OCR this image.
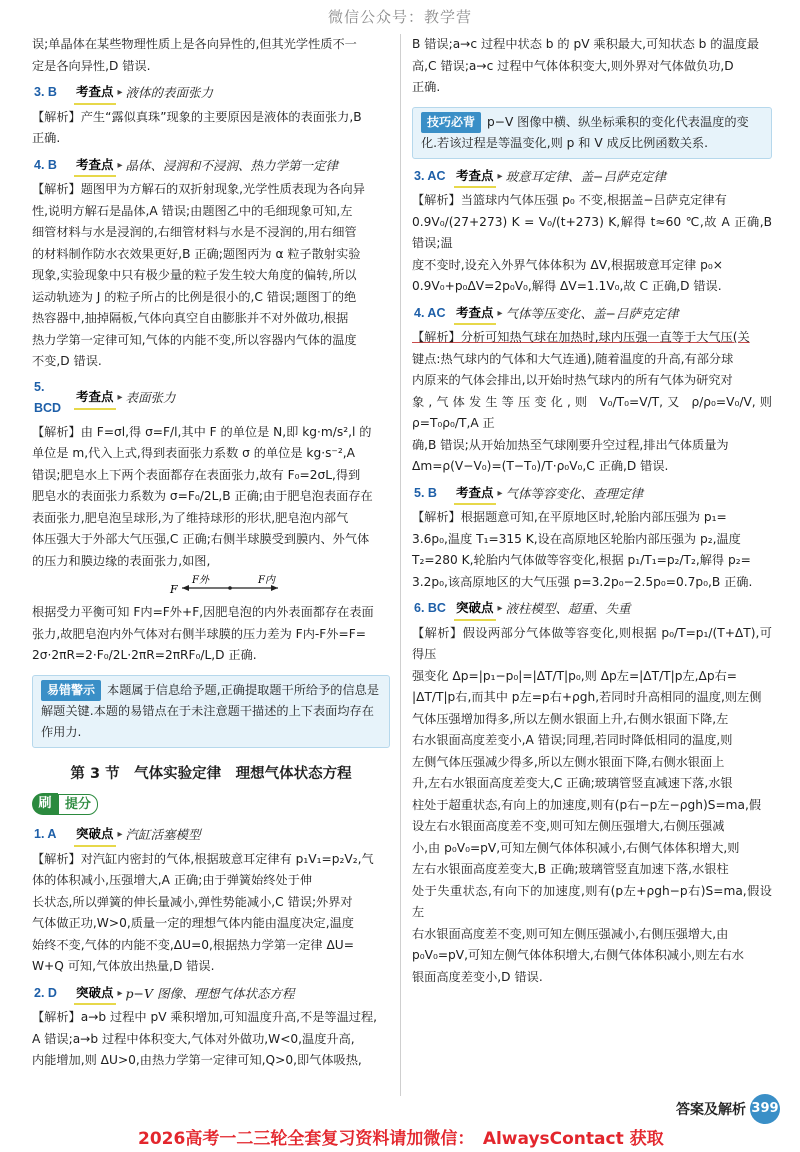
微信公众号：教学营

误;单晶体在某些物理性质上是各向异性的,但其光学性质不一

定是各向异性,D 错误.

3. B	考查点 ▸ 液体的表面张力

【解析】产生“露似真珠”现象的主要原因是液体的表面张力,B

正确.

4. B	考查点 ▸ 晶体、浸润和不浸润、热力学第一定律

【解析】题图甲为方解石的双折射现象,光学性质表现为各向异

性,说明方解石是晶体,A 错误;由题图乙中的毛细现象可知,左

细管材料与水是浸润的,右细管材料与水是不浸润的,用右细管

的材料制作防水衣效果更好,B 正确;题图丙为 α 粒子散射实验

现象,实验现象中只有极少量的粒子发生较大角度的偏转,所以

运动轨迹为 J 的粒子所占的比例是很小的,C 错误;题图丁的绝

热容器中,抽掉隔板,气体向真空自由膨胀并不对外做功,根据

热力学第一定律可知,气体的内能不变,所以容器内气体的温度

不变,D 错误.

5. BCD
考查点 ▸ 表面张力

【解析】由 F=σl,得 σ=F/l,其中 F 的单位是 N,即 kg·m/s²,l 的

单位是 m,代入上式,得到表面张力系数 σ 的单位是 kg·s⁻²,A

错误;肥皂水上下两个表面都存在表面张力,故有 F₀=2σL,得到

肥皂水的表面张力系数为 σ=F₀/2L,B 正确;由于肥皂泡表面存在

表面张力,肥皂泡呈球形,为了维持球形的形状,肥皂泡内部气

体压强大于外部大气压强,C 正确;右侧半球膜受到膜内、外气体

的压力和膜边缘的表面张力,如图,

F
F外	F内

根据受力平衡可知 F内=F外+F,因肥皂泡的内外表面都存在表面

张力,故肥皂泡内外气体对右侧半球膜的压力差为 F内-F外=F=

2σ·2πR=2·F₀/2L·2πR=2πRF₀/L,D 正确.

易错警示 本题属于信息给予题,正确提取题干所给予的信息是解题关键.本题的易错点在于未注意题干描述的上下表面均存在作用力.
第 3 节　气体实验定律　理想气体状态方程
刷	提分
1. A	突破点 ▸ 汽缸活塞模型

【解析】对汽缸内密封的气体,根据玻意耳定律有 p₁V₁=p₂V₂,气

体的体积减小,压强增大,A 正确;由于弹簧始终处于伸

长状态,所以弹簧的伸长量减小,弹性势能减小,C 错误;外界对

气体做正功,W>0,质量一定的理想气体内能由温度决定,温度

始终不变,气体的内能不变,ΔU=0,根据热力学第一定律 ΔU=

W+Q 可知,气体放出热量,D 错误.

2. D	突破点 ▸ p−V 图像、理想气体状态方程

【解析】a→b 过程中 pV 乘积增加,可知温度升高,不是等温过程,

A 错误;a→b 过程中体积变大,气体对外做功,W<0,温度升高,

内能增加,则 ΔU>0,由热力学第一定律可知,Q>0,即气体吸热,

B 错误;a→c 过程中状态 b 的 pV 乘积最大,可知状态 b 的温度最

高,C 错误;a→c 过程中气体体积变大,则外界对气体做负功,D

正确.

技巧必背 p−V 图像中横、纵坐标乘积的变化代表温度的变化.若该过程是等温变化,则 p 和 V 成反比例函数关系.
3. AC 考查点 ▸ 玻意耳定律、盖−吕萨克定律

【解析】当篮球内气体压强 p₀ 不变,根据盖−吕萨克定律有

0.9V₀/(27+273) K = V₀/(t+273) K,解得 t≈60 ℃,故 A 正确,B 错误;温

度不变时,设充入外界气体体积为 ΔV,根据玻意耳定律 p₀×

0.9V₀+p₀ΔV=2p₀V₀,解得 ΔV=1.1V₀,故 C 正确,D 错误.

4. AC 考查点 ▸ 气体等压变化、盖−吕萨克定律

【解析】分析可知热气球在加热时,球内压强一直等于大气压(关

键点:热气球内的气体和大气连通),随着温度的升高,有部分球

内原来的气体会排出,以开始时热气球内的所有气体为研究对

象,气体发生等压变化,则 V₀/T₀=V/T,又 ρ/ρ₀=V₀/V,则 ρ=T₀ρ₀/T,A 正

确,B 错误;从开始加热至气球刚要升空过程,排出气体质量为

Δm=ρ(V−V₀)=(T−T₀)/T·ρ₀V₀,C 正确,D 错误.

5. B	考查点 ▸ 气体等容变化、查理定律

【解析】根据题意可知,在平原地区时,轮胎内部压强为 p₁=

3.6p₀,温度 T₁=315 K,设在高原地区轮胎内部压强为 p₂,温度

T₂=280 K,轮胎内气体做等容变化,根据 p₁/T₁=p₂/T₂,解得 p₂=

3.2p₀,该高原地区的大气压强 p=3.2p₀−2.5p₀=0.7p₀,B 正确.

6. BC 突破点 ▸ 液柱模型、超重、失重

【解析】假设两部分气体做等容变化,则根据 p₀/T=p₁/(T+ΔT),可得压

强变化 Δp=|p₁−p₀|=|ΔT/T|p₀,则 Δp左=|ΔT/T|p左,Δp右=

|ΔT/T|p右,而其中 p左=p右+ρgh,若同时升高相同的温度,则左侧

气体压强增加得多,所以左侧水银面上升,右侧水银面下降,左

右水银面高度差变小,A 错误;同理,若同时降低相同的温度,则

左侧气体压强减少得多,所以左侧水银面下降,右侧水银面上

升,左右水银面高度差变大,C 正确;玻璃管竖直减速下落,水银

柱处于超重状态,有向上的加速度,则有(p右−p左−ρgh)S=ma,假

设左右水银面高度差不变,则可知左侧压强增大,右侧压强减

小,由 p₀V₀=pV,可知左侧气体体积减小,右侧气体体积增大,则

左右水银面高度差变大,B 正确;玻璃管竖直加速下落,水银柱

处于失重状态,有向下的加速度,则有(p左+ρgh−p右)S=ma,假设左

右水银面高度差不变,则可知左侧压强减小,右侧压强增大,由

p₀V₀=pV,可知左侧气体体积增大,右侧气体体积减小,则左右水

银面高度差变小,D 错误.

答案及解析 399
2026高考一二三轮全套复习资料请加微信：　AlwaysContact 获取
